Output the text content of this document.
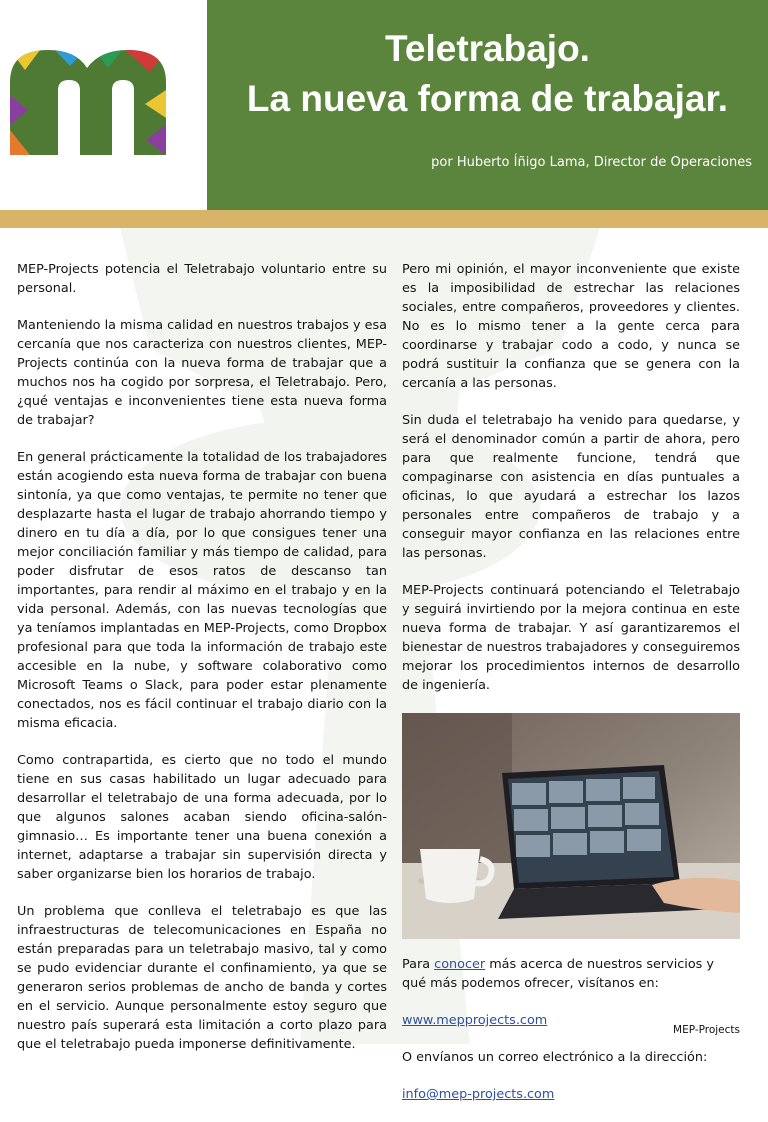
Teletrabajo.
La nueva forma de trabajar.
por Huberto Íñigo Lama, Director de Operaciones

MEP-Projects potencia el Teletrabajo voluntario entre su personal.

Manteniendo la misma calidad en nuestros trabajos y esa cercanía que nos caracteriza con nuestros clientes, MEP-Projects continúa con la nueva forma de trabajar que a muchos nos ha cogido por sorpresa, el Teletrabajo. Pero, ¿qué ventajas e inconvenientes tiene esta nueva forma de trabajar?

En general prácticamente la totalidad de los trabajadores están acogiendo esta nueva forma de trabajar con buena sintonía, ya que como ventajas, te permite no tener que desplazarte hasta el lugar de trabajo ahorrando tiempo y dinero en tu día a día, por lo que consigues tener una mejor conciliación familiar y más tiempo de calidad, para poder disfrutar de esos ratos de descanso tan importantes, para rendir al máximo en el trabajo y en la vida personal. Además, con las nuevas tecnologías que ya teníamos implantadas en MEP-Projects, como Dropbox profesional para que toda la información de trabajo este accesible en la nube, y software colaborativo como Microsoft Teams o Slack, para poder estar plenamente conectados, nos es fácil continuar el trabajo diario con la misma eficacia.

Como contrapartida, es cierto que no todo el mundo tiene en sus casas habilitado un lugar adecuado para desarrollar el teletrabajo de una forma adecuada, por lo que algunos salones acaban siendo oficina-salón-gimnasio… Es importante tener una buena conexión a internet, adaptarse a trabajar sin supervisión directa y saber organizarse bien los horarios de trabajo.

Un problema que conlleva el teletrabajo es que las infraestructuras de telecomunicaciones en España no están preparadas para un teletrabajo masivo, tal y como se pudo evidenciar durante el confinamiento, ya que se generaron serios problemas de ancho de banda y cortes en el servicio. Aunque personalmente estoy seguro que nuestro país superará esta limitación a corto plazo para que el teletrabajo pueda imponerse definitivamente.

Pero mi opinión, el mayor inconveniente que existe es la imposibilidad de estrechar las relaciones sociales, entre compañeros, proveedores y clientes. No es lo mismo tener a la gente cerca para coordinarse y trabajar codo a codo, y nunca se podrá sustituir la confianza que se genera con la cercanía a las personas.

Sin duda el teletrabajo ha venido para quedarse, y será el denominador común a partir de ahora, pero para que realmente funcione, tendrá que compaginarse con asistencia en días puntuales a oficinas, lo que ayudará a estrechar los lazos personales entre compañeros de trabajo y a conseguir mayor confianza en las relaciones entre las personas.

MEP-Projects continuará potenciando el Teletrabajo y seguirá invirtiendo por la mejora continua en este nueva forma de trabajar. Y así garantizaremos el bienestar de nuestros trabajadores y conseguiremos mejorar los procedimientos internos de desarrollo de ingeniería.

Para conocer más acerca de nuestros servicios y qué más podemos ofrecer, visítanos en:

www.mepprojects.com

O envíanos un correo electrónico a la dirección:

info@mep-projects.com

MEP-Projects
